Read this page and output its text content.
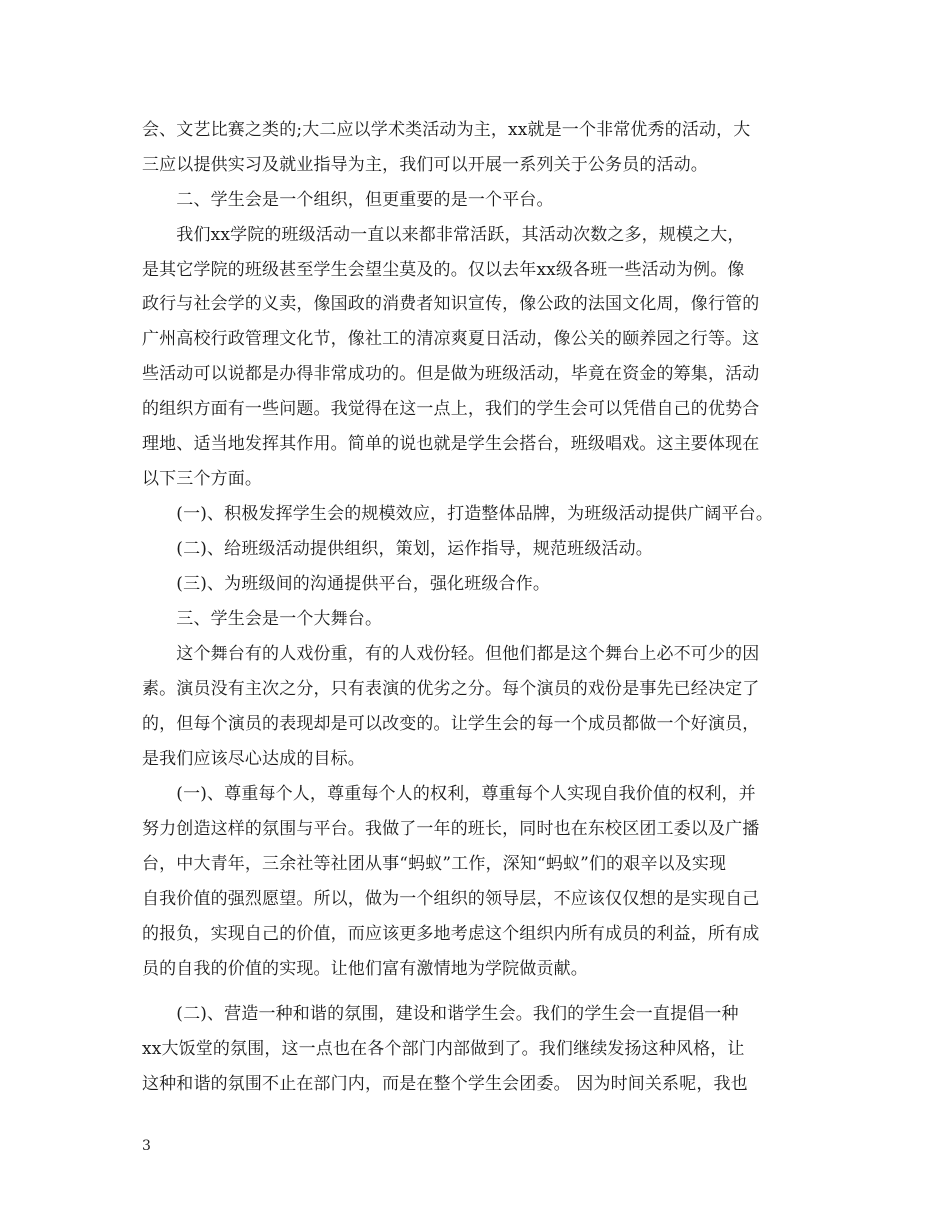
会、文艺比赛之类的;大二应以学术类活动为主，xx就是一个非常优秀的活动，大
三应以提供实习及就业指导为主，我们可以开展一系列关于公务员的活动。
　　二、学生会是一个组织，但更重要的是一个平台。
　　我们xx学院的班级活动一直以来都非常活跃，其活动次数之多，规模之大，
是其它学院的班级甚至学生会望尘莫及的。仅以去年xx级各班一些活动为例。像
政行与社会学的义卖，像国政的消费者知识宣传，像公政的法国文化周，像行管的
广州高校行政管理文化节，像社工的清凉爽夏日活动，像公关的颐养园之行等。这
些活动可以说都是办得非常成功的。但是做为班级活动，毕竟在资金的筹集，活动
的组织方面有一些问题。我觉得在这一点上，我们的学生会可以凭借自己的优势合
理地、适当地发挥其作用。简单的说也就是学生会搭台，班级唱戏。这主要体现在
以下三个方面。
　　(一)、积极发挥学生会的规模效应，打造整体品牌，为班级活动提供广阔平台。
　　(二)、给班级活动提供组织，策划，运作指导，规范班级活动。
　　(三)、为班级间的沟通提供平台，强化班级合作。
　　三、学生会是一个大舞台。
　　这个舞台有的人戏份重，有的人戏份轻。但他们都是这个舞台上必不可少的因
素。演员没有主次之分，只有表演的优劣之分。每个演员的戏份是事先已经决定了
的，但每个演员的表现却是可以改变的。让学生会的每一个成员都做一个好演员，
是我们应该尽心达成的目标。
　　(一)、尊重每个人，尊重每个人的权利，尊重每个人实现自我价值的权利，并
努力创造这样的氛围与平台。我做了一年的班长，同时也在东校区团工委以及广播
台，中大青年，三余社等社团从事“蚂蚁”工作，深知“蚂蚁”们的艰辛以及实现
自我价值的强烈愿望。所以，做为一个组织的领导层，不应该仅仅想的是实现自己
的报负，实现自己的价值，而应该更多地考虑这个组织内所有成员的利益，所有成
员的自我的价值的实现。让他们富有激情地为学院做贡献。
　　(二)、营造一种和谐的氛围，建设和谐学生会。我们的学生会一直提倡一种
xx大饭堂的氛围，这一点也在各个部门内部做到了。我们继续发扬这种风格，让
这种和谐的氛围不止在部门内，而是在整个学生会团委。 因为时间关系呢，我也
3
